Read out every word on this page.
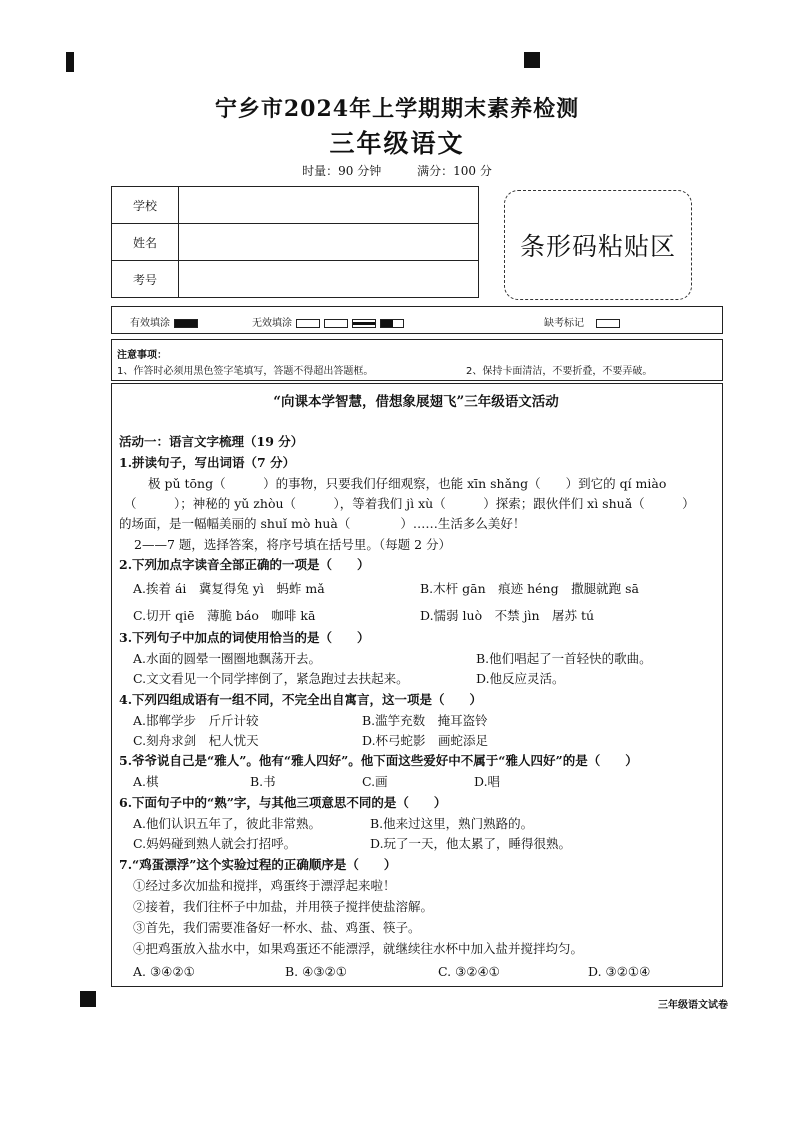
宁乡市2024年上学期期末素养检测
三年级语文
时量：90 分钟	满分：100 分
学校	
姓名	
考号	
条形码粘贴区
有效填涂	无效填涂	缺考标记
注意事项：
1、作答时必须用黑色签字笔填写，答题不得超出答题框。	2、保持卡面清洁，不要折叠，不要弄破。
“向课本学智慧，借想象展翅飞”三年级语文活动
活动一：语言文字梳理（19 分）
1.拼读句子，写出词语（7 分）
极 pǔ tōng（　　　）的事物，只要我们仔细观察，也能 xīn shǎng（　　）到它的 qí miào
（　　　）；神秘的 yǔ zhòu（　　　），等着我们 jì xù（　　　）探索；跟伙伴们 xì shuǎ（　　　）
的场面，是一幅幅美丽的 shuǐ mò huà（　　　　）……生活多么美好！
2——7 题，选择答案，将序号填在括号里。（每题 2 分）
2.下列加点字读音全部正确的一项是（　　）
A.挨着 ái　冀复得兔 yì　蚂蚱 mǎ	B.木杆 gān　痕迹 héng　撒腿就跑 sā
C.切开 qiē　薄脆 báo　咖啡 kā	D.懦弱 luò　不禁 jìn　屠苏 tú
3.下列句子中加点的词使用恰当的是（　　）
A.水面的圆晕一圈圈地飘荡开去。	B.他们唱起了一首轻快的歌曲。
C.文文看见一个同学摔倒了，紧急跑过去扶起来。	D.他反应灵活。
4.下列四组成语有一组不同，不完全出自寓言，这一项是（　　）
A.邯郸学步　斤斤计较	B.滥竽充数　掩耳盗铃
C.刻舟求剑　杞人忧天	D.杯弓蛇影　画蛇添足
5.爷爷说自己是“雅人”。他有“雅人四好”。他下面这些爱好中不属于“雅人四好”的是（　　）
A.棋	B.书	C.画	D.唱
6.下面句子中的“熟”字，与其他三项意思不同的是（　　）
A.他们认识五年了，彼此非常熟。	B.他来过这里，熟门熟路的。
C.妈妈碰到熟人就会打招呼。	D.玩了一天，他太累了，睡得很熟。
7.“鸡蛋漂浮”这个实验过程的正确顺序是（　　）
①经过多次加盐和搅拌，鸡蛋终于漂浮起来啦！
②接着，我们往杯子中加盐，并用筷子搅拌使盐溶解。
③首先，我们需要准备好一杯水、盐、鸡蛋、筷子。
④把鸡蛋放入盐水中，如果鸡蛋还不能漂浮，就继续往水杯中加入盐并搅拌均匀。
A. ③④②①	B. ④③②①	C. ③②④①	D. ③②①④
三年级语文试卷
